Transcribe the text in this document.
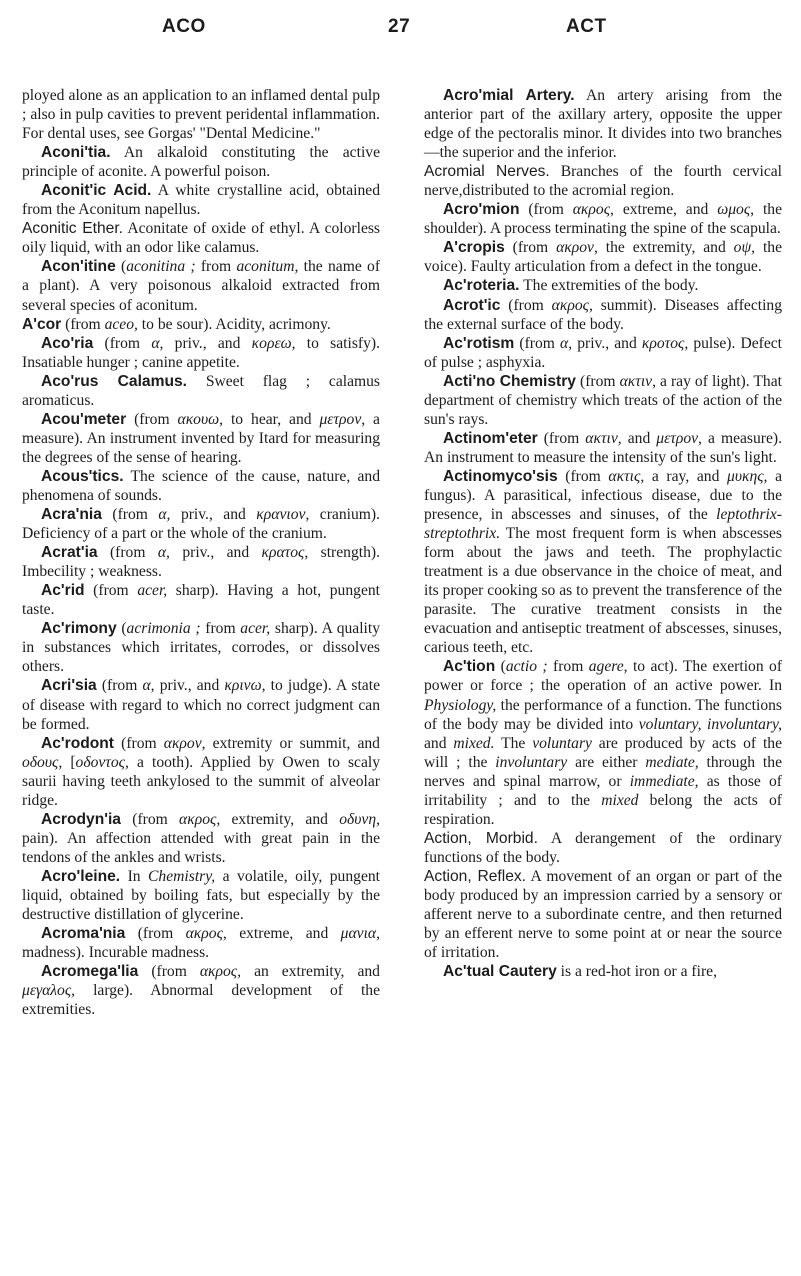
ACO	27	ACT

ployed alone as an application to an inflamed dental pulp ; also in pulp cavities to prevent peridental inflammation. For dental uses, see Gorgas' "Dental Medicine."

Aconi'tia. An alkaloid constituting the active principle of aconite. A powerful poison.

Aconit'ic Acid. A white crystalline acid, obtained from the Aconitum napellus.

Aconitic Ether. Aconitate of oxide of ethyl. A colorless oily liquid, with an odor like calamus.

Acon'itine (aconitina ; from aconitum, the name of a plant). A very poisonous alkaloid extracted from several species of aconitum.

A'cor (from aceo, to be sour). Acidity, acrimony.

Aco'ria (from α, priv., and κορεω, to satisfy). Insatiable hunger ; canine appetite.

Aco'rus Calamus. Sweet flag ; calamus aromaticus.

Acou'meter (from ακουω, to hear, and μετρον, a measure). An instrument invented by Itard for measuring the degrees of the sense of hearing.

Acous'tics. The science of the cause, nature, and phenomena of sounds.

Acra'nia (from α, priv., and κρανιον, cranium). Deficiency of a part or the whole of the cranium.

Acrat'ia (from α, priv., and κρατος, strength). Imbecility ; weakness.

Ac'rid (from acer, sharp). Having a hot, pungent taste.

Ac'rimony (acrimonia ; from acer, sharp). A quality in substances which irritates, corrodes, or dissolves others.

Acri'sia (from α, priv., and κρινω, to judge). A state of disease with regard to which no correct judgment can be formed.

Ac'rodont (from ακρον, extremity or summit, and οδους, [οδοντος, a tooth). Applied by Owen to scaly saurii having teeth ankylosed to the summit of alveolar ridge.

Acrodyn'ia (from ακρος, extremity, and οδυνη, pain). An affection attended with great pain in the tendons of the ankles and wrists.

Acro'leine. In Chemistry, a volatile, oily, pungent liquid, obtained by boiling fats, but especially by the destructive distillation of glycerine.

Acroma'nia (from ακρος, extreme, and μανια, madness). Incurable madness.

Acromega'lia (from ακρος, an extremity, and μεγαλος, large). Abnormal development of the extremities.

Acro'mial Artery. An artery arising from the anterior part of the axillary artery, opposite the upper edge of the pectoralis minor. It divides into two branches—the superior and the inferior.

Acromial Nerves. Branches of the fourth cervical nerve,distributed to the acromial region.

Acro'mion (from ακρος, extreme, and ωμος, the shoulder). A process terminating the spine of the scapula.

A'cropis (from ακρον, the extremity, and οψ, the voice). Faulty articulation from a defect in the tongue.

Ac'roteria. The extremities of the body.

Acrot'ic (from ακρος, summit). Diseases affecting the external surface of the body.

Ac'rotism (from α, priv., and κροτος, pulse). Defect of pulse ; asphyxia.

Acti'no Chemistry (from ακτιν, a ray of light). That department of chemistry which treats of the action of the sun's rays.

Actinom'eter (from ακτιν, and μετρον, a measure). An instrument to measure the intensity of the sun's light.

Actinomyco'sis (from ακτις, a ray, and μυκης, a fungus). A parasitical, infectious disease, due to the presence, in abscesses and sinuses, of the leptothrix-streptothrix. The most frequent form is when abscesses form about the jaws and teeth. The prophylactic treatment is a due observance in the choice of meat, and its proper cooking so as to prevent the transference of the parasite. The curative treatment consists in the evacuation and antiseptic treatment of abscesses, sinuses, carious teeth, etc.

Ac'tion (actio ; from agere, to act). The exertion of power or force ; the operation of an active power. In Physiology, the performance of a function. The functions of the body may be divided into voluntary, involuntary, and mixed. The voluntary are produced by acts of the will ; the involuntary are either mediate, through the nerves and spinal marrow, or immediate, as those of irritability ; and to the mixed belong the acts of respiration.

Action, Morbid. A derangement of the ordinary functions of the body.

Action, Reflex. A movement of an organ or part of the body produced by an impression carried by a sensory or afferent nerve to a subordinate centre, and then returned by an efferent nerve to some point at or near the source of irritation.

Ac'tual Cautery is a red-hot iron or a fire,
